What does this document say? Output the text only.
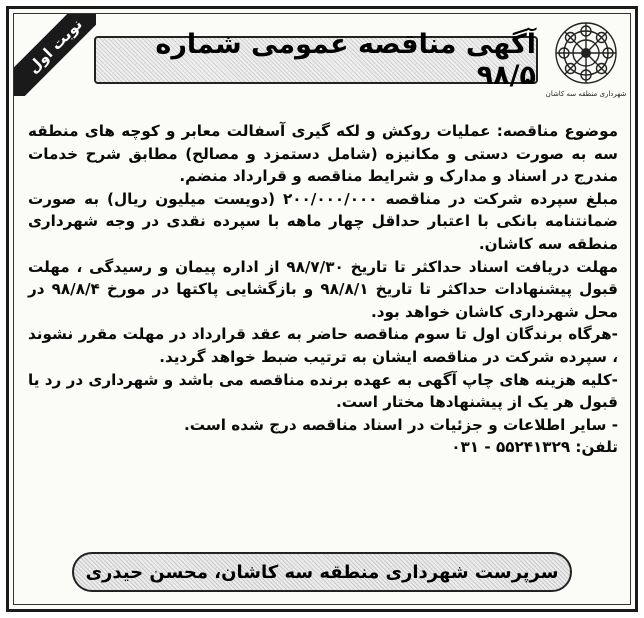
نوبت اول	آگهی مناقصه عمومی شماره ۹۸/۵
شهرداری منطقه سه کاشان

موضوع مناقصه: عملیات روکش و لکه گیری آسفالت معابر و کوچه های منطقه سه به صورت دستی و مکانیزه (شامل دستمزد و مصالح) مطابق شرح خدمات مندرج در اسناد و مدارک و شرایط مناقصه و قرارداد منضم.

مبلغ سپرده شرکت در مناقصه ۲۰۰/۰۰۰/۰۰۰ (دویست میلیون ریال) به صورت ضمانتنامه بانکی با اعتبار حداقل چهار ماهه با سپرده نقدی در وجه شهرداری منطقه سه کاشان.

مهلت دریافت اسناد حداکثر تا تاریخ ۹۸/۷/۳۰ از اداره پیمان و رسیدگی ، مهلت قبول پیشنهادات حداکثر تا تاریخ ۹۸/۸/۱ و بازگشایی پاکتها در مورخ ۹۸/۸/۴ در محل شهرداری کاشان خواهد بود.

-هرگاه برندگان اول تا سوم مناقصه حاضر به عقد قرارداد در مهلت مقرر نشوند ، سپرده شرکت در مناقصه ایشان به ترتیب ضبط خواهد گردید.

-کلیه هزینه های چاپ آگهی به عهده برنده مناقصه می باشد و شهرداری در رد یا قبول هر یک از پیشنهادها مختار است.

- سایر اطلاعات و جزئیات در اسناد مناقصه درج شده است.

تلفن: ۰۳۱ - ۵۵۲۴۱۳۲۹

سرپرست شهرداری منطقه سه کاشان، محسن حیدری
